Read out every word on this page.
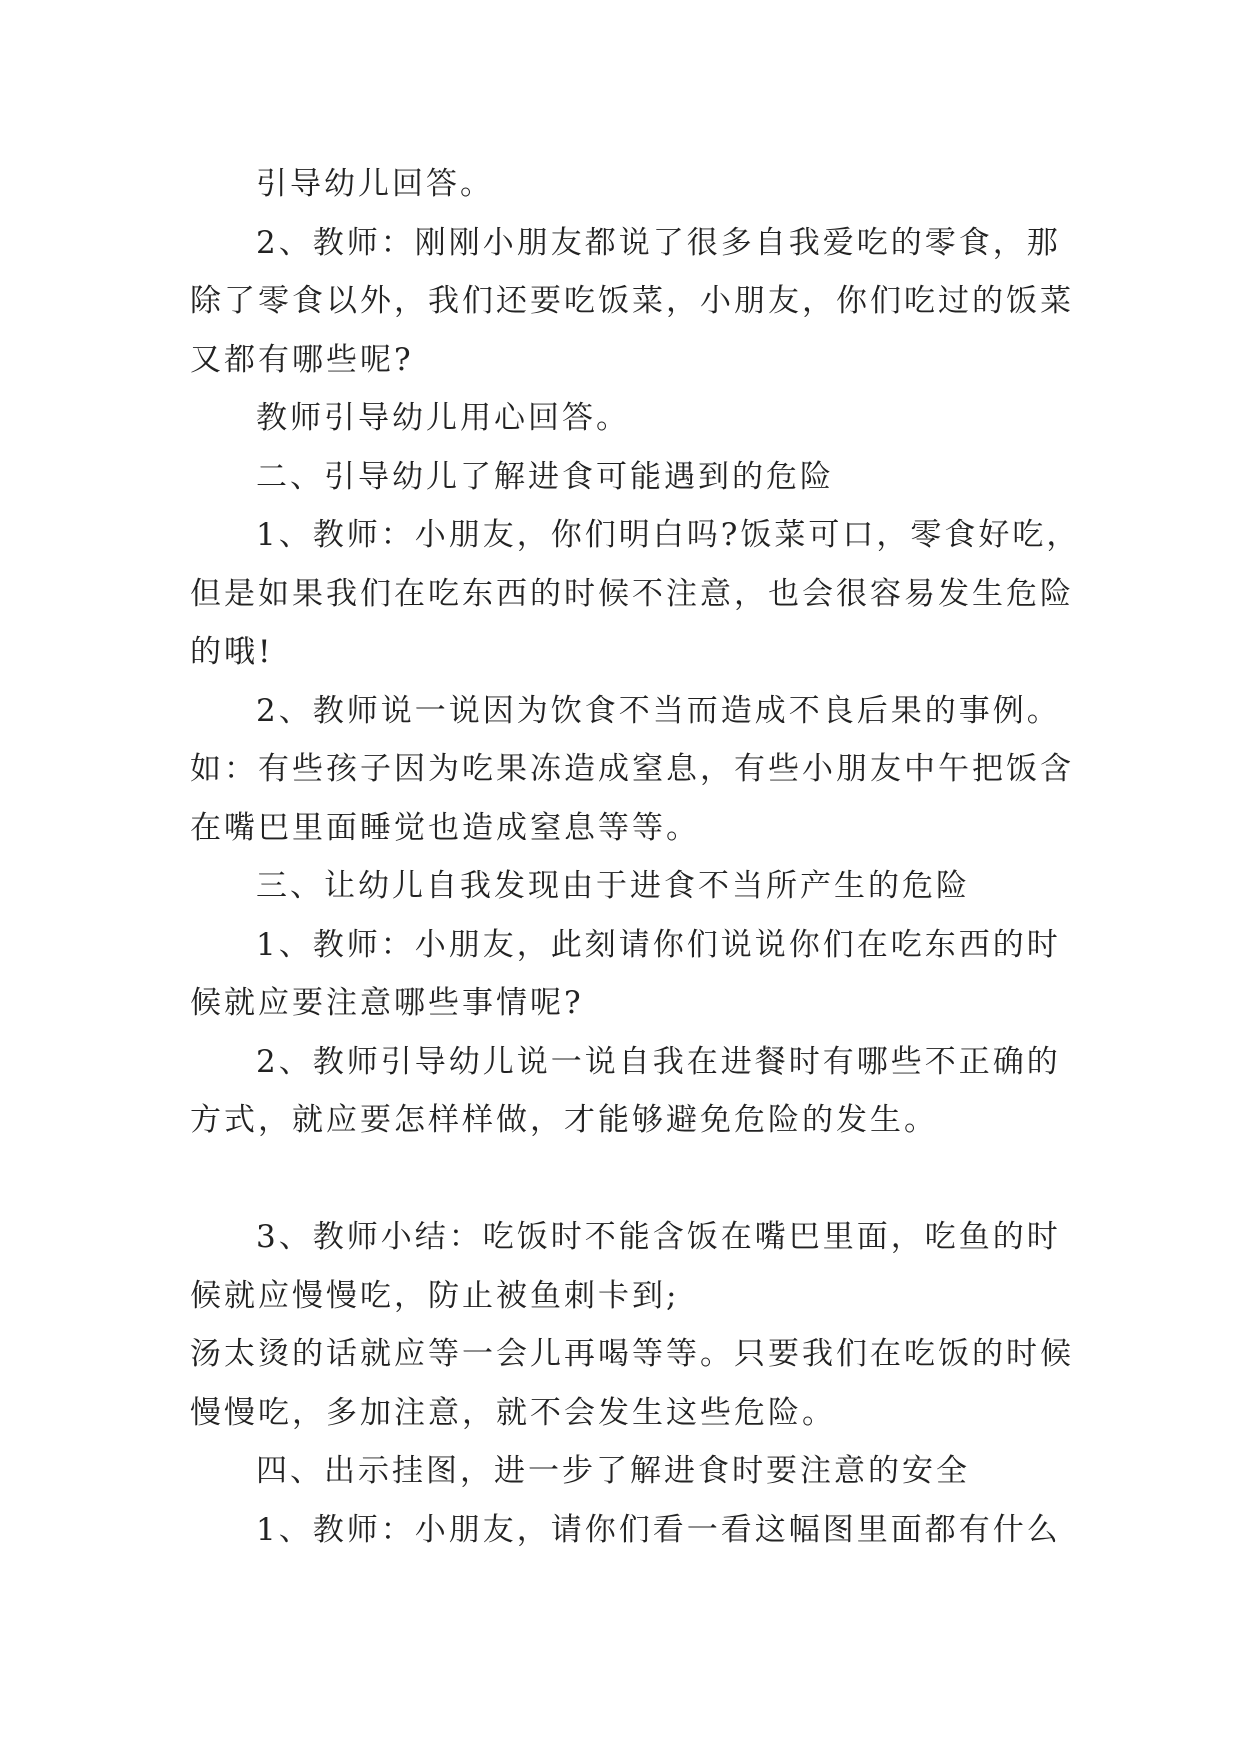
引导幼儿回答。
2、教师：刚刚小朋友都说了很多自我爱吃的零食，那
除了零食以外，我们还要吃饭菜，小朋友，你们吃过的饭菜
又都有哪些呢?
教师引导幼儿用心回答。
二、引导幼儿了解进食可能遇到的危险
1、教师：小朋友，你们明白吗?饭菜可口，零食好吃，
但是如果我们在吃东西的时候不注意，也会很容易发生危险
的哦!
2、教师说一说因为饮食不当而造成不良后果的事例。
如：有些孩子因为吃果冻造成窒息，有些小朋友中午把饭含
在嘴巴里面睡觉也造成窒息等等。
三、让幼儿自我发现由于进食不当所产生的危险
1、教师：小朋友，此刻请你们说说你们在吃东西的时
候就应要注意哪些事情呢?
2、教师引导幼儿说一说自我在进餐时有哪些不正确的
方式，就应要怎样样做，才能够避免危险的发生。
3、教师小结：吃饭时不能含饭在嘴巴里面，吃鱼的时
候就应慢慢吃，防止被鱼刺卡到;
汤太烫的话就应等一会儿再喝等等。只要我们在吃饭的时候
慢慢吃，多加注意，就不会发生这些危险。
四、出示挂图，进一步了解进食时要注意的安全
1、教师：小朋友，请你们看一看这幅图里面都有什么
